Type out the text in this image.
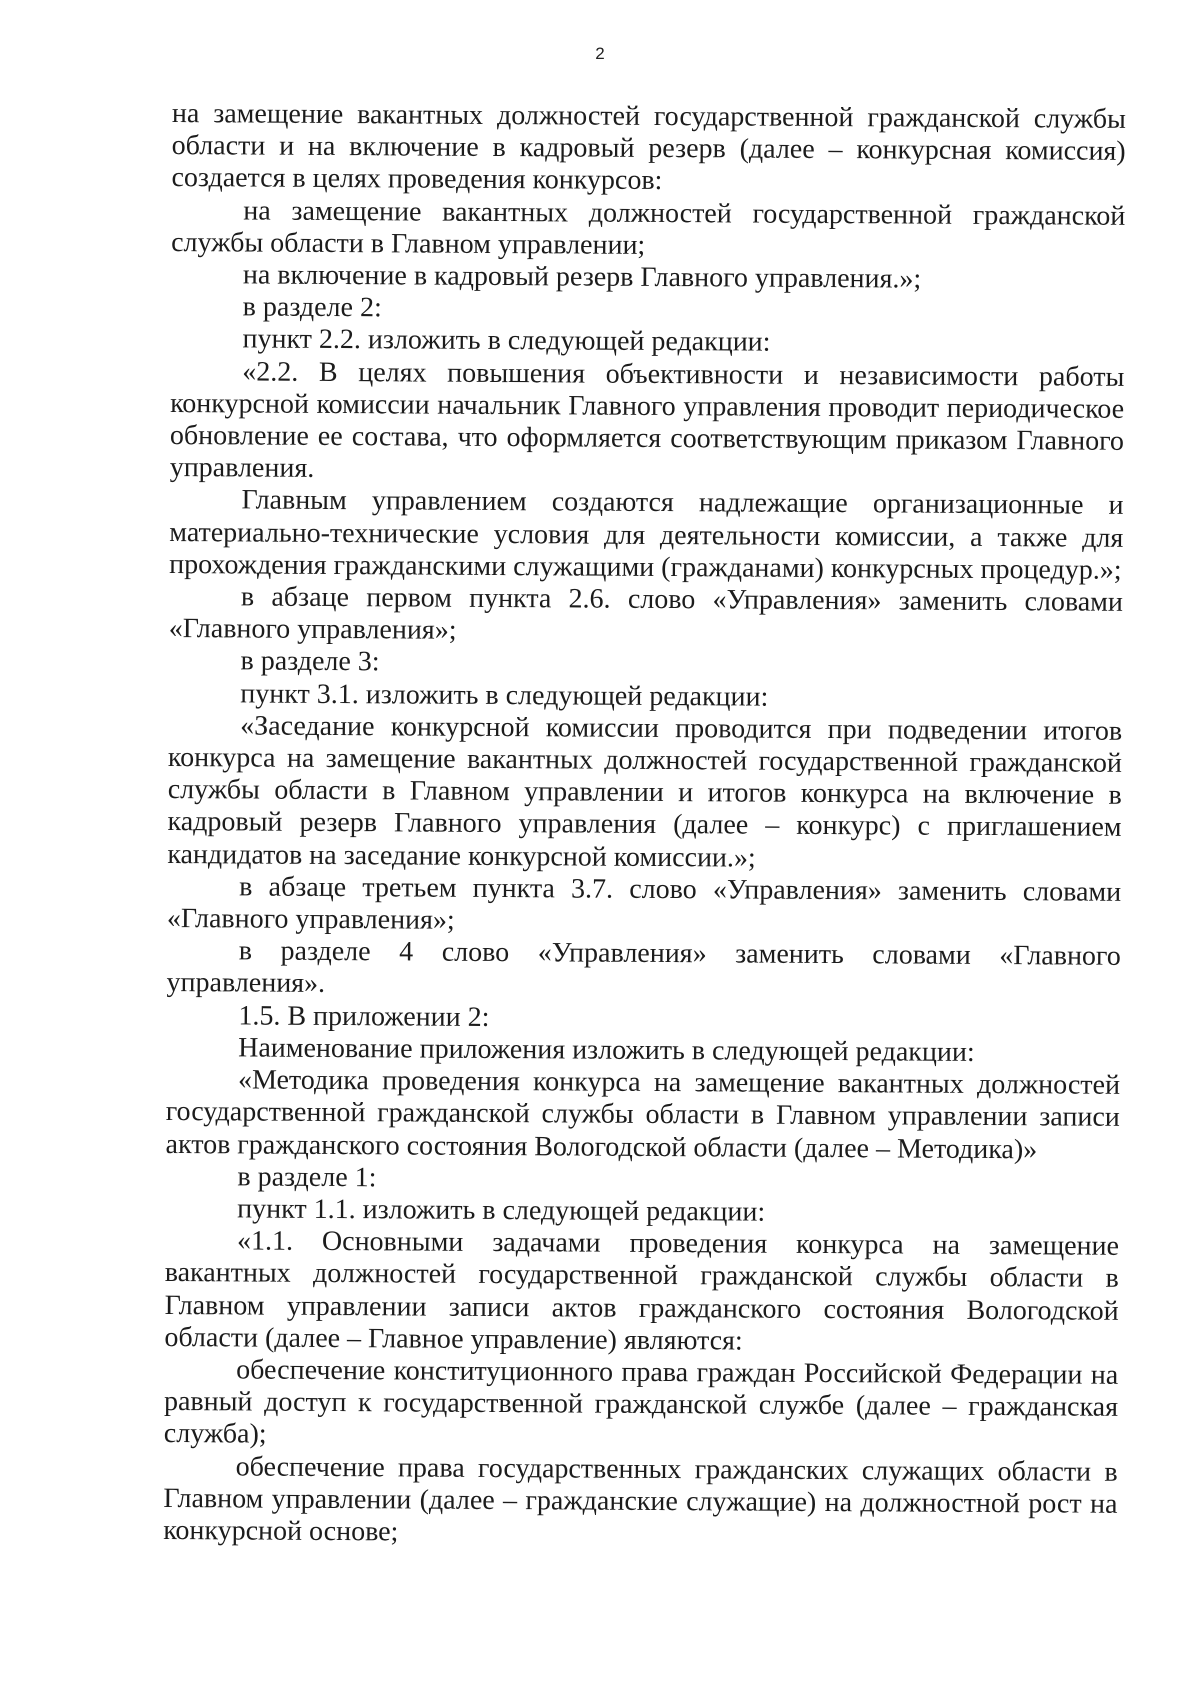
2

на замещение вакантных должностей государственной гражданской службы области и на включение в кадровый резерв (далее – конкурсная комиссия) создается в целях проведения конкурсов:

на замещение вакантных должностей государственной гражданской службы области в Главном управлении;

на включение в кадровый резерв Главного управления.»;

в разделе 2:

пункт 2.2. изложить в следующей редакции:

«2.2. В целях повышения объективности и независимости работы конкурсной комиссии начальник Главного управления проводит периодическое обновление ее состава, что оформляется соответствующим приказом Главного управления.

Главным управлением создаются надлежащие организационные и материально-технические условия для деятельности комиссии, а также для прохождения гражданскими служащими (гражданами) конкурсных процедур.»;

в абзаце первом пункта 2.6. слово «Управления» заменить словами «Главного управления»;

в разделе 3:

пункт 3.1. изложить в следующей редакции:

«Заседание конкурсной комиссии проводится при подведении итогов конкурса на замещение вакантных должностей государственной гражданской службы области в Главном управлении и итогов конкурса на включение в кадровый резерв Главного управления (далее – конкурс) с приглашением кандидатов на заседание конкурсной комиссии.»;

в абзаце третьем пункта 3.7. слово «Управления» заменить словами «Главного управления»;

в разделе 4 слово «Управления» заменить словами «Главного управления».

1.5. В приложении 2:

Наименование приложения изложить в следующей редакции:

«Методика проведения конкурса на замещение вакантных должностей государственной гражданской службы области в Главном управлении записи актов гражданского состояния Вологодской области (далее – Методика)»

в разделе 1:

пункт 1.1. изложить в следующей редакции:

«1.1. Основными задачами проведения конкурса на замещение вакантных должностей государственной гражданской службы области в Главном управлении записи актов гражданского состояния Вологодской области (далее – Главное управление) являются:

обеспечение конституционного права граждан Российской Федерации на равный доступ к государственной гражданской службе (далее – гражданская служба);

обеспечение права государственных гражданских служащих области в Главном управлении (далее – гражданские служащие) на должностной рост на конкурсной основе;
